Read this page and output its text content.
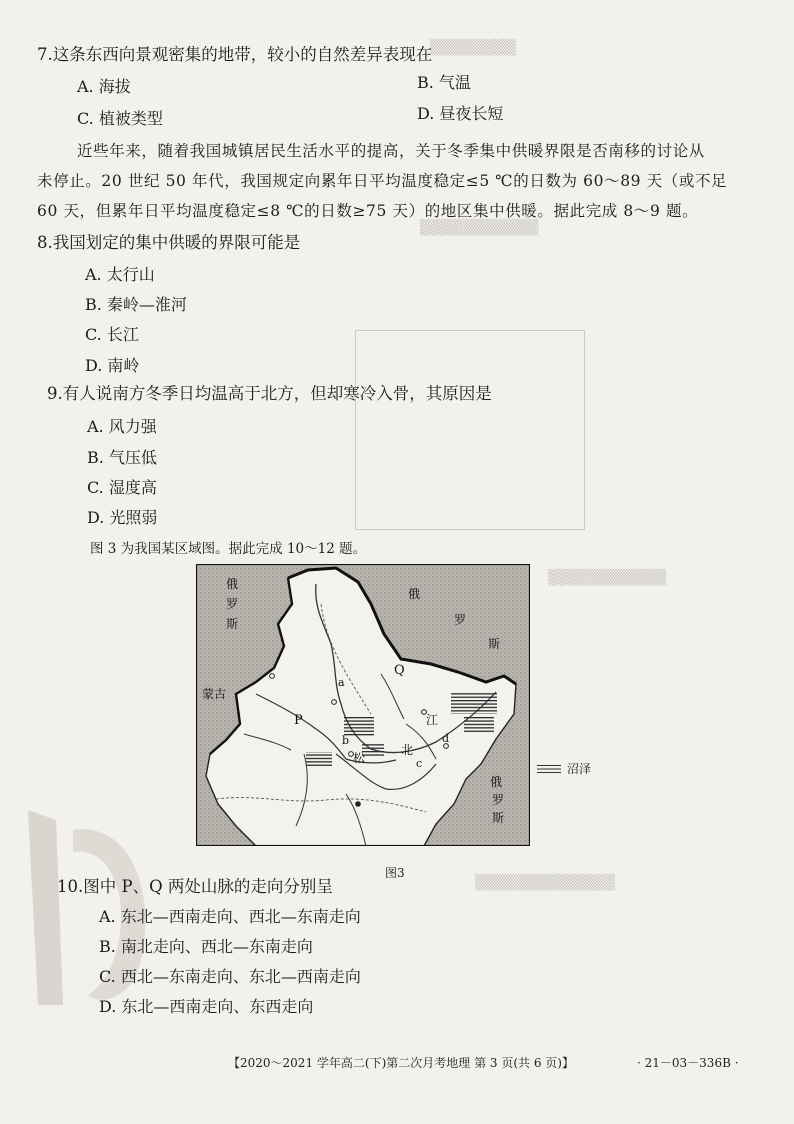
▒▒▒▒▒▒▒▒
▒▒▒▒▒▒▒▒▒▒▒
▒▒▒▒▒▒▒▒▒▒▒
▒▒▒▒▒▒▒▒▒▒▒▒▒
7.这条东西向景观密集的地带，较小的自然差异表现在
A. 海拔	B. 气温
C. 植被类型	D. 昼夜长短
近些年来，随着我国城镇居民生活水平的提高，关于冬季集中供暖界限是否南移的讨论从
未停止。20 世纪 50 年代，我国规定向累年日平均温度稳定≤5 ℃的日数为 60～89 天（或不足
60 天，但累年日平均温度稳定≤8 ℃的日数≥75 天）的地区集中供暖。据此完成 8～9 题。
8.我国划定的集中供暖的界限可能是
A. 太行山
B. 秦岭—淮河
C. 长江
D. 南岭
9.有人说南方冬季日均温高于北方，但却寒冷入骨，其原因是
A. 风力强
B. 气压低
C. 湿度高
D. 光照弱
图 3 为我国某区域图。据此完成 10～12 题。
俄
罗
斯
俄
罗
斯
俄
罗
斯
蒙古
P
Q
a
b
c
d
松
北
江
沼泽
图3
10.图中 P、Q 两处山脉的走向分别呈
A. 东北—西南走向、西北—东南走向
B. 南北走向、西北—东南走向
C. 西北—东南走向、东北—西南走向
D. 东北—西南走向、东西走向
【2020～2021 学年高二(下)第二次月考地理 第 3 页(共 6 页)】	· 21－03－336B ·
